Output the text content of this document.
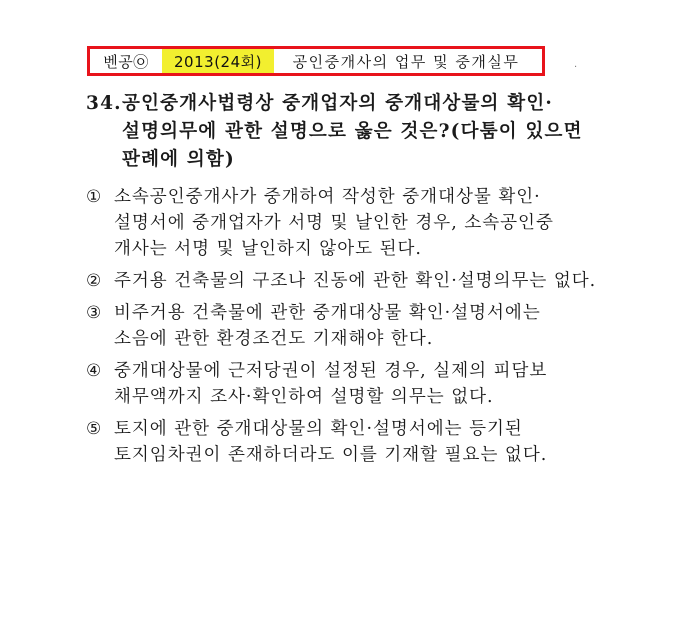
벤공㉧	2013(24회)	공인중개사의 업무 및 중개실무	·
34.공인중개사법령상 중개업자의 중개대상물의 확인·
설명의무에 관한 설명으로 옳은 것은?(다툼이 있으면
판례에 의함)
① 소속공인중개사가 중개하여 작성한 중개대상물 확인·
설명서에 중개업자가 서명 및 날인한 경우, 소속공인중
개사는 서명 및 날인하지 않아도 된다.
② 주거용 건축물의 구조나 진동에 관한 확인·설명의무는 없다.
③ 비주거용 건축물에 관한 중개대상물 확인·설명서에는
소음에 관한 환경조건도 기재해야 한다.
④ 중개대상물에 근저당권이 설정된 경우, 실제의 피담보
채무액까지 조사·확인하여 설명할 의무는 없다.
⑤ 토지에 관한 중개대상물의 확인·설명서에는 등기된
토지임차권이 존재하더라도 이를 기재할 필요는 없다.
